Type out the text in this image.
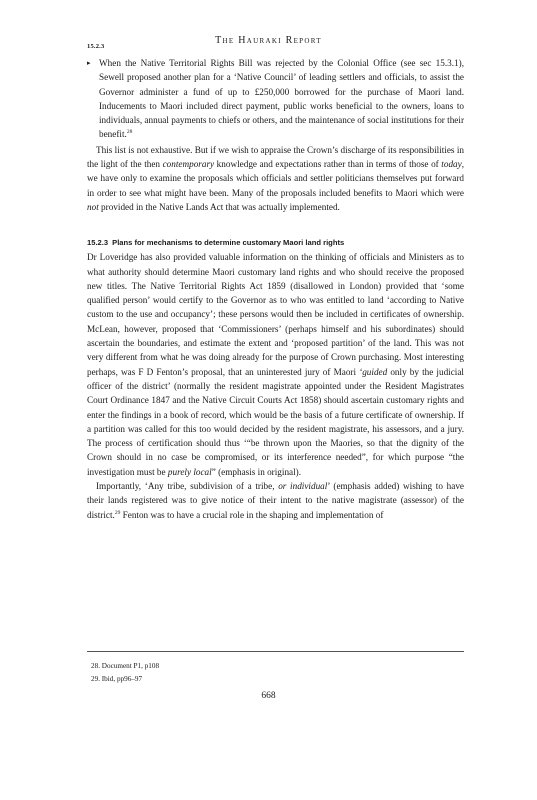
15.2.3
The Hauraki Report
▸ When the Native Territorial Rights Bill was rejected by the Colonial Office (see sec 15.3.1), Sewell proposed another plan for a ‘Native Council’ of leading settlers and officials, to assist the Governor administer a fund of up to £250,000 borrowed for the purchase of Maori land. Inducements to Maori included direct payment, public works beneficial to the owners, loans to individuals, annual payments to chiefs or others, and the maintenance of social institutions for their benefit.$^{28}$

This list is not exhaustive. But if we wish to appraise the Crown’s discharge of its responsibilities in the light of the then contemporary knowledge and expectations rather than in terms of those of today, we have only to examine the proposals which officials and settler politicians themselves put forward in order to see what might have been. Many of the proposals included benefits to Maori which were not provided in the Native Lands Act that was actually implemented.

15.2.3 Plans for mechanisms to determine customary Maori land rights

Dr Loveridge has also provided valuable information on the thinking of officials and Ministers as to what authority should determine Maori customary land rights and who should receive the proposed new titles. The Native Territorial Rights Act 1859 (disallowed in London) provided that ‘some qualified person’ would certify to the Governor as to who was entitled to land ‘according to Native custom to the use and occupancy’; these persons would then be included in certificates of ownership. McLean, however, proposed that ‘Commissioners’ (perhaps himself and his subordinates) should ascertain the boundaries, and estimate the extent and ‘proposed partition’ of the land. This was not very different from what he was doing already for the purpose of Crown purchasing. Most interesting perhaps, was F D Fenton’s proposal, that an uninterested jury of Maori ‘guided only by the judicial officer of the district’ (normally the resident magistrate appointed under the Resident Magistrates Court Ordinance 1847 and the Native Circuit Courts Act 1858) should ascertain customary rights and enter the findings in a book of record, which would be the basis of a future certificate of ownership. If a partition was called for this too would decided by the resident magistrate, his assessors, and a jury. The process of certification should thus ‘“be thrown upon the Maories, so that the dignity of the Crown should in no case be compromised, or its interference needed”, for which purpose “the investigation must be purely local” (emphasis in original).

Importantly, ‘Any tribe, subdivision of a tribe, or individual’ (emphasis added) wishing to have their lands registered was to give notice of their intent to the native magistrate (assessor) of the district.$^{29}$ Fenton was to have a crucial role in the shaping and implementation of

28. Document P1, p108

29. Ibid, pp96–97

668
